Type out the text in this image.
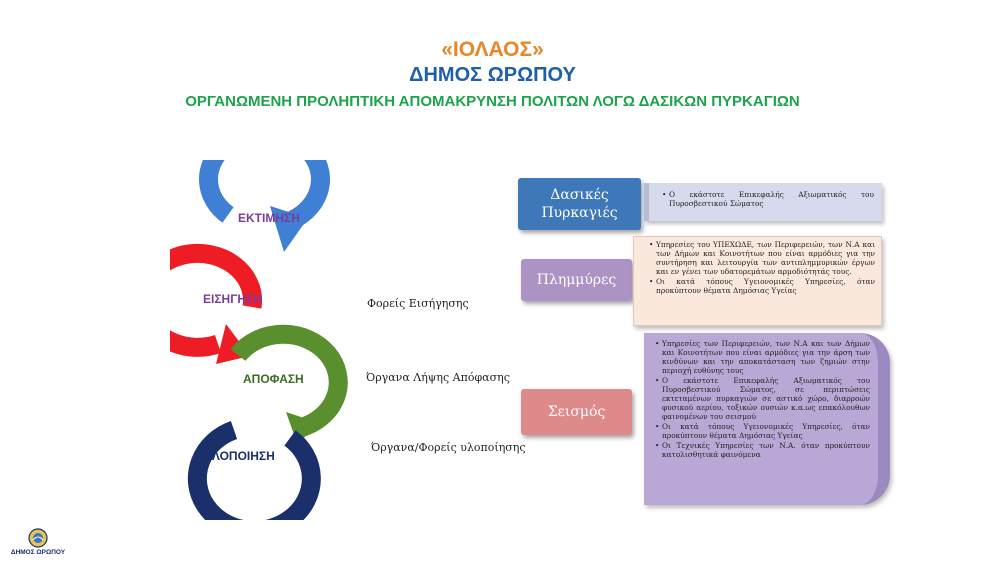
«ΙΟΛΑΟΣ»
ΔΗΜΟΣ ΩΡΩΠΟΥ
ΟΡΓΑΝΩΜΕΝΗ ΠΡΟΛΗΠΤΙΚΗ ΑΠΟΜΑΚΡΥΝΣΗ ΠΟΛΙΤΩΝ ΛΟΓΩ ΔΑΣΙΚΩΝ ΠΥΡΚΑΓΙΩΝ
ΕΚΤΙΜΗΣΗ
ΕΙΣΗΓΗΣΗ
ΑΠΟΦΑΣΗ
ΥΛΟΠΟΙΗΣΗ
Φορείς Εισήγησης
Όργανα Λήψης Απόφασης
Όργανα/Φορείς υλοποίησης
Δασικές Πυρκαγιές
• Ο εκάστοτε Επικεφαλής Αξιωματικός του Πυροσβεστικού Σώματος
Πλημμύρες
• Υπηρεσίες του ΥΠΕΧΩΔΕ, των Περιφερειών, των Ν.Α και των Δήμων και Κοινοτήτων που είναι αρμόδιες για την συντήρηση και λειτουργία των αντιπλημμυρικών έργων και εν γένει των υδατορεμάτων αρμοδιότητάς τους.
• Οι κατά τόπους Υγειονομικές Υπηρεσίες, όταν προκύπτουν θέματα Δημόσιας Υγείας
Σεισμός
• Υπηρεσίες των Περιφερειών, των Ν.Α και των Δήμων και Κοινοτήτων που είναι αρμόδιες για την άρση των κινδύνων και την αποκατάσταση των ζημιών στην περιοχή ευθύνης τους
• Ο εκάστοτε Επικεφαλής Αξιωματικός του Πυροσβεστικού Σώματος, σε περιπτώσεις εκτεταμένων πυρκαγιών σε αστικό χώρο, διαρροών φυσικού αερίου, τοξικών ουσιών κ.α.ως επακόλουθων φαινομένων του σεισμού
• Οι κατά τόπους Υγειονομικές Υπηρεσίες, όταν προκύπτουν θέματα Δημόσιας Υγείας
• Οι Τεχνικές Υπηρεσίες των Ν.Α. όταν προκύπτουν κατολισθητικά φαινόμενα
ΔΗΜΟΣ ΩΡΩΠΟΥ
